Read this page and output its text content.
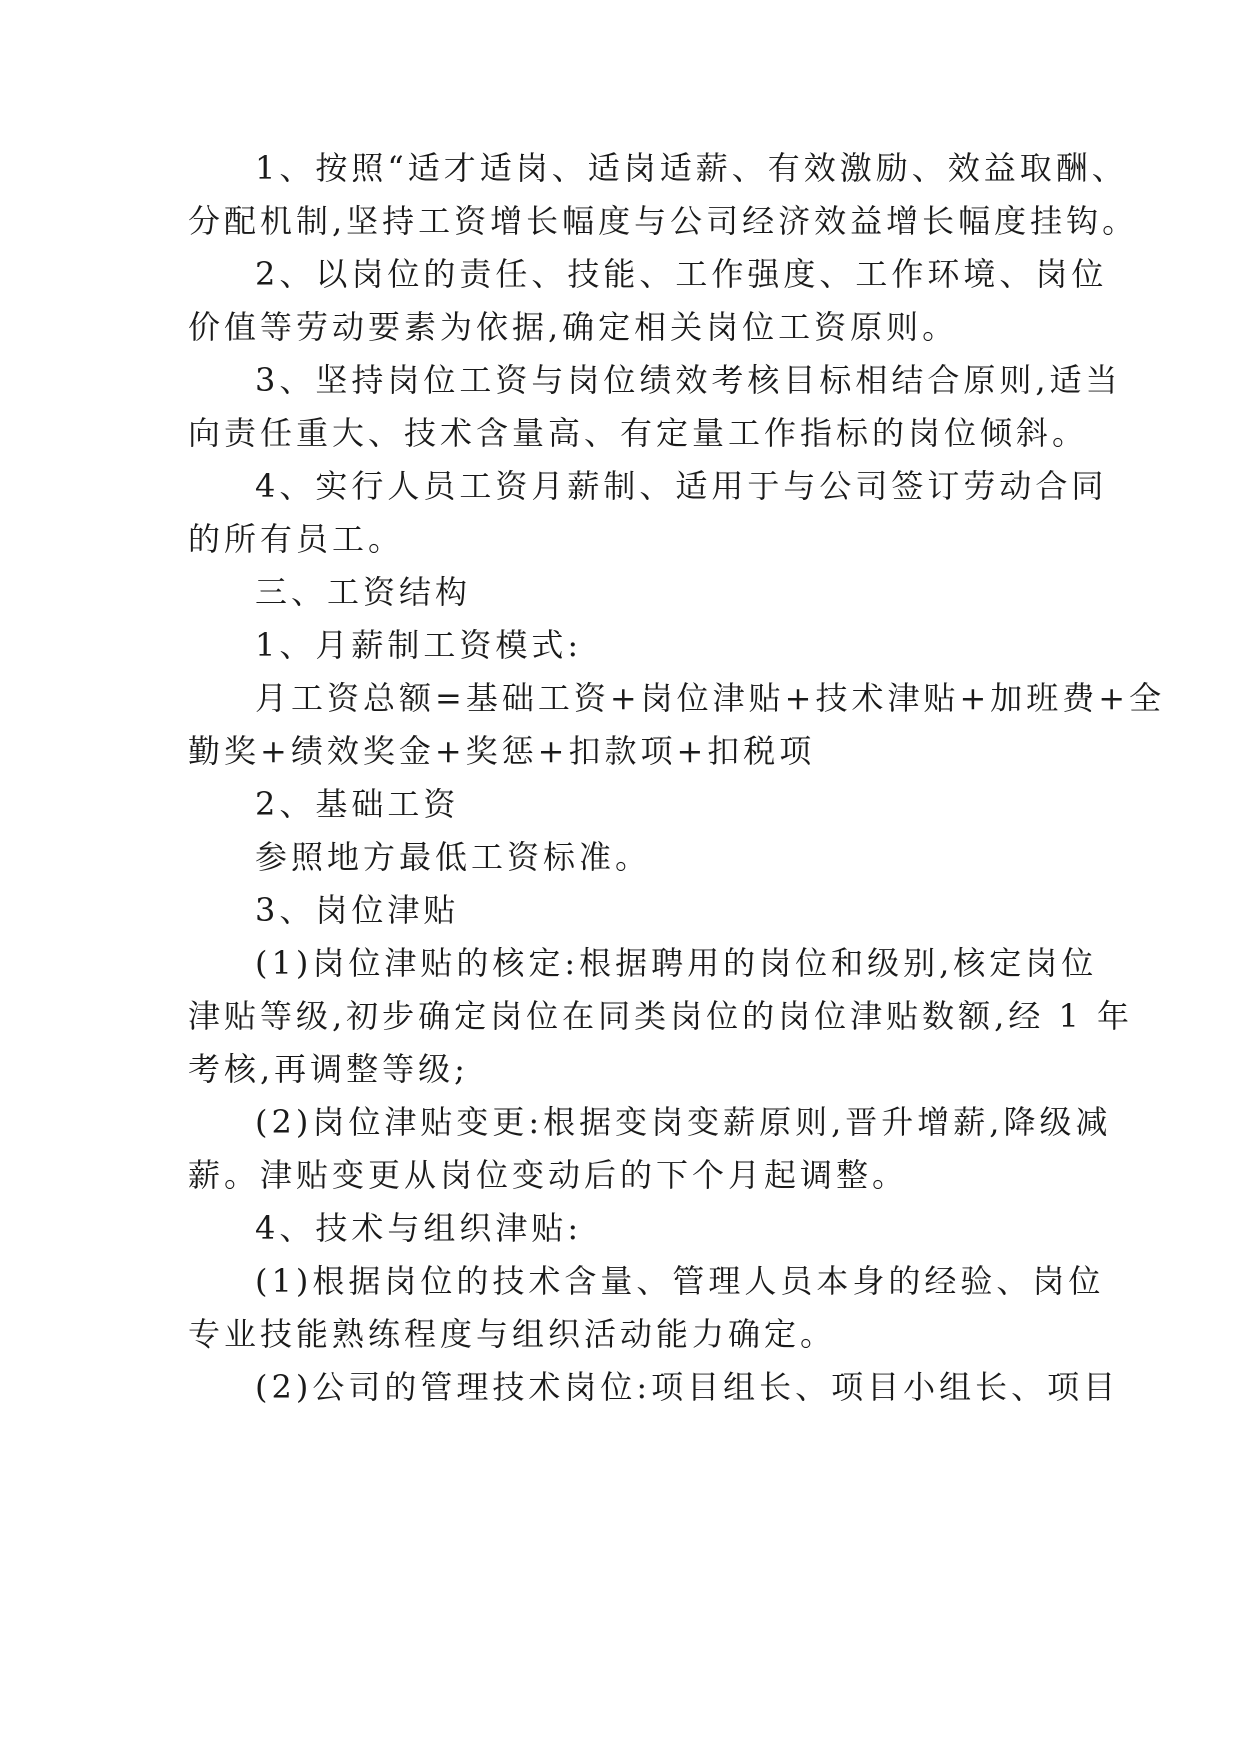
1、按照“适才适岗、适岗适薪、有效激励、效益取酬、
分配机制,坚持工资增长幅度与公司经济效益增长幅度挂钩。
2、以岗位的责任、技能、工作强度、工作环境、岗位
价值等劳动要素为依据,确定相关岗位工资原则。
3、坚持岗位工资与岗位绩效考核目标相结合原则,适当
向责任重大、技术含量高、有定量工作指标的岗位倾斜。
4、实行人员工资月薪制、适用于与公司签订劳动合同
的所有员工。
三、工资结构
1、月薪制工资模式:
月工资总额=基础工资+岗位津贴+技术津贴+加班费+全
勤奖+绩效奖金+奖惩+扣款项+扣税项
2、基础工资
参照地方最低工资标准。
3、岗位津贴
(1)岗位津贴的核定:根据聘用的岗位和级别,核定岗位
津贴等级,初步确定岗位在同类岗位的岗位津贴数额,经 1 年
考核,再调整等级;
(2)岗位津贴变更:根据变岗变薪原则,晋升增薪,降级减
薪。津贴变更从岗位变动后的下个月起调整。
4、技术与组织津贴:
(1)根据岗位的技术含量、管理人员本身的经验、岗位
专业技能熟练程度与组织活动能力确定。
(2)公司的管理技术岗位:项目组长、项目小组长、项目
